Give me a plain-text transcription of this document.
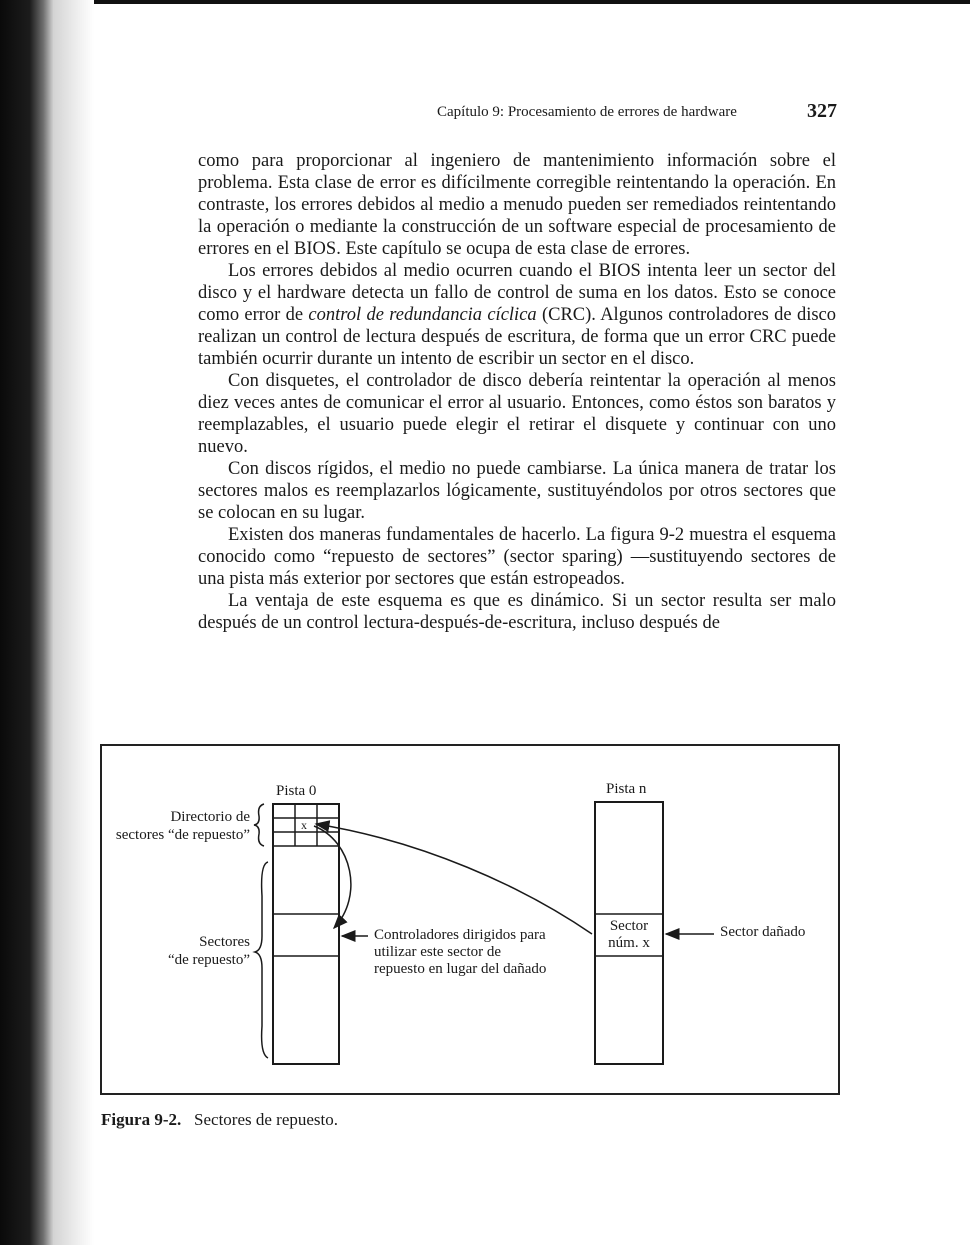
Capítulo 9: Procesamiento de errores de hardware	327

como para proporcionar al ingeniero de mantenimiento información sobre el problema. Esta clase de error es difícilmente corregible reintentando la operación. En contraste, los errores debidos al medio a menudo pueden ser remediados reintentando la operación o mediante la construcción de un software especial de procesamiento de errores en el BIOS. Este capítulo se ocupa de esta clase de errores.

Los errores debidos al medio ocurren cuando el BIOS intenta leer un sector del disco y el hardware detecta un fallo de control de suma en los datos. Esto se conoce como error de control de redundancia cíclica (CRC). Algunos controladores de disco realizan un control de lectura después de escritura, de forma que un error CRC puede también ocurrir durante un intento de escribir un sector en el disco.

Con disquetes, el controlador de disco debería reintentar la operación al menos diez veces antes de comunicar el error al usuario. Entonces, como éstos son baratos y reemplazables, el usuario puede elegir el retirar el disquete y continuar con uno nuevo.

Con discos rígidos, el medio no puede cambiarse. La única manera de tratar los sectores malos es reemplazarlos lógicamente, sustituyéndolos por otros sectores que se colocan en su lugar.

Existen dos maneras fundamentales de hacerlo. La figura 9-2 muestra el esquema conocido como “repuesto de sectores” (sector sparing) —sustituyendo sectores de una pista más exterior por sectores que están estropeados.

La ventaja de este esquema es que es dinámico. Si un sector resulta ser malo después de un control lectura-después-de-escritura, incluso después de

Pista 0
x
Directorio de
sectores “de repuesto”
Sectores
“de repuesto”
Controladores dirigidos para
utilizar este sector de
repuesto en lugar del dañado
Pista n
Sector
núm. x
Sector dañado
Figura 9-2. Sectores de repuesto.
